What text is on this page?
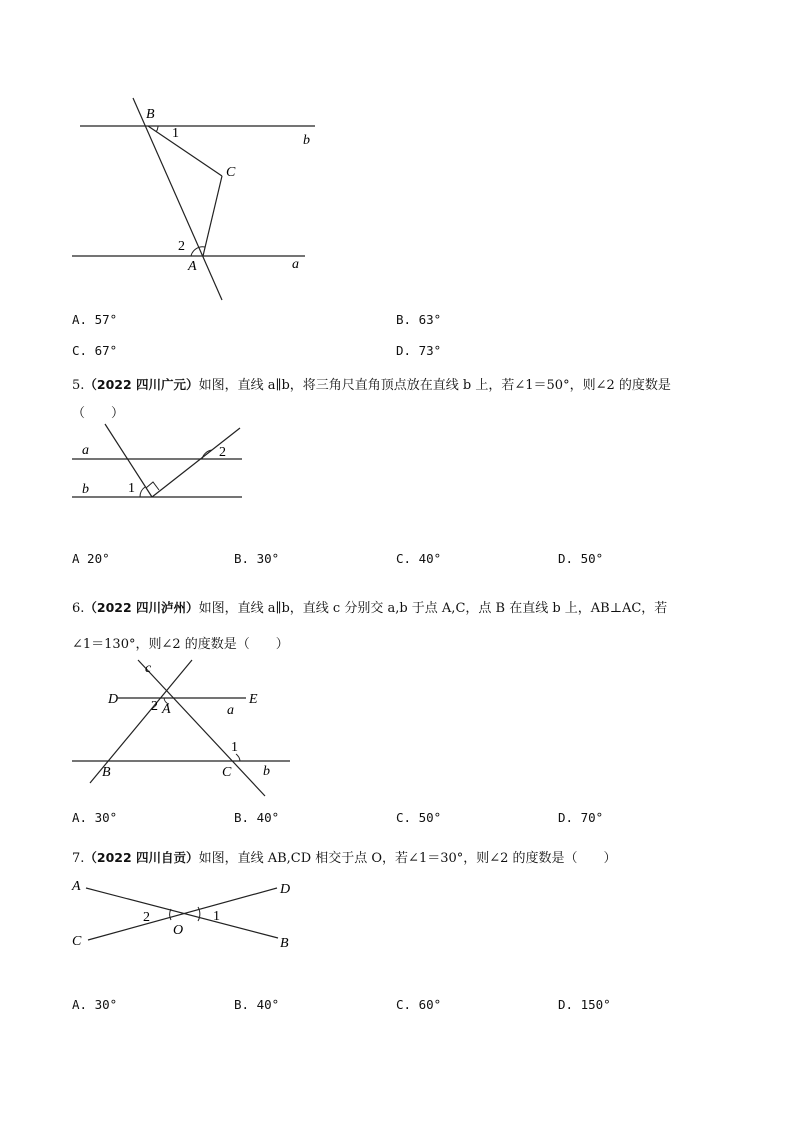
B
1	b
C
2
A	a
A. 57°	B. 63°
C. 67°	D. 73°
5.（2022 四川广元）如图，直线 a∥b，将三角尺直角顶点放在直线 b 上，若∠1＝50°，则∠2 的度数是
（　　）
a
b	1
2
A 20°	B. 30°	C. 40°	D. 50°
6.（2022 四川泸州）如图，直线 a∥b，直线 c 分别交 a,b 于点 A,C，点 B 在直线 b 上，AB⊥AC，若
∠1＝130°，则∠2 的度数是（　　）
c
D 2 A	a
E
1
B	C b
A. 30°	B. 40°	C. 50°	D. 70°
7.（2022 四川自贡）如图，直线 AB,CD 相交于点 O，若∠1＝30°，则∠2 的度数是（　　）
A	D
2	1
C
O
B
A. 30°	B. 40°	C. 60°	D. 150°
